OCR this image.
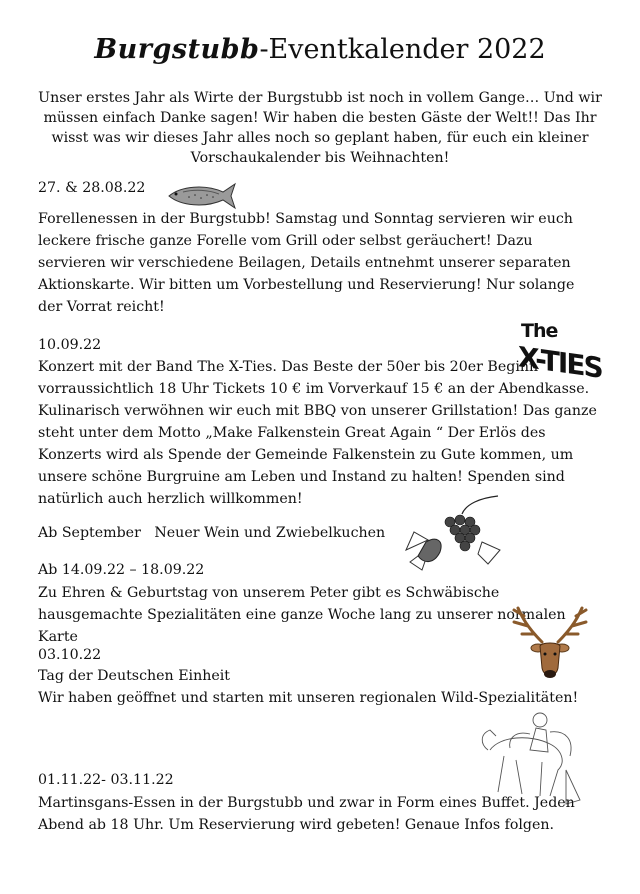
Burgstubb-Eventkalender 2022
Unser erstes Jahr als Wirte der Burgstubb ist noch in vollem Gange… Und wir müssen einfach Danke sagen! Wir haben die besten Gäste der Welt!! Das Ihr wisst was wir dieses Jahr alles noch so geplant haben, für euch ein kleiner Vorschaukalender bis Weihnachten!
27. & 28.08.22
Forellenessen in der Burgstubb! Samstag und Sonntag servieren wir euch leckere frische ganze Forelle vom Grill oder selbst geräuchert! Dazu servieren wir verschiedene Beilagen, Details entnehmt unserer separaten Aktionskarte. Wir bitten um Vorbestellung und Reservierung! Nur solange der Vorrat reicht!
10.09.22
The
X-TIES
Konzert mit der Band The X-Ties. Das Beste der 50er bis 20er Beginn vorraussichtlich 18 Uhr Tickets 10 € im Vorverkauf 15 € an der Abendkasse. Kulinarisch verwöhnen wir euch mit BBQ von unserer Grillstation! Das ganze steht unter dem Motto „Make Falkenstein Great Again “ Der Erlös des Konzerts wird als Spende der Gemeinde Falkenstein zu Gute kommen, um unsere schöne Burgruine am Leben und Instand zu halten! Spenden sind natürlich auch herzlich willkommen!
Ab September   Neuer Wein und Zwiebelkuchen
Ab 14.09.22 – 18.09.22
Zu Ehren & Geburtstag von unserem Peter gibt es Schwäbische hausgemachte Spezialitäten eine ganze Woche lang zu unserer normalen Karte
03.10.22
Tag der Deutschen Einheit
Wir haben geöffnet und starten mit unseren regionalen Wild-Spezialitäten!
01.11.22- 03.11.22
Martinsgans-Essen in der Burgstubb und zwar in Form eines Buffet. Jeden Abend ab 18 Uhr. Um Reservierung wird gebeten! Genaue Infos folgen.
